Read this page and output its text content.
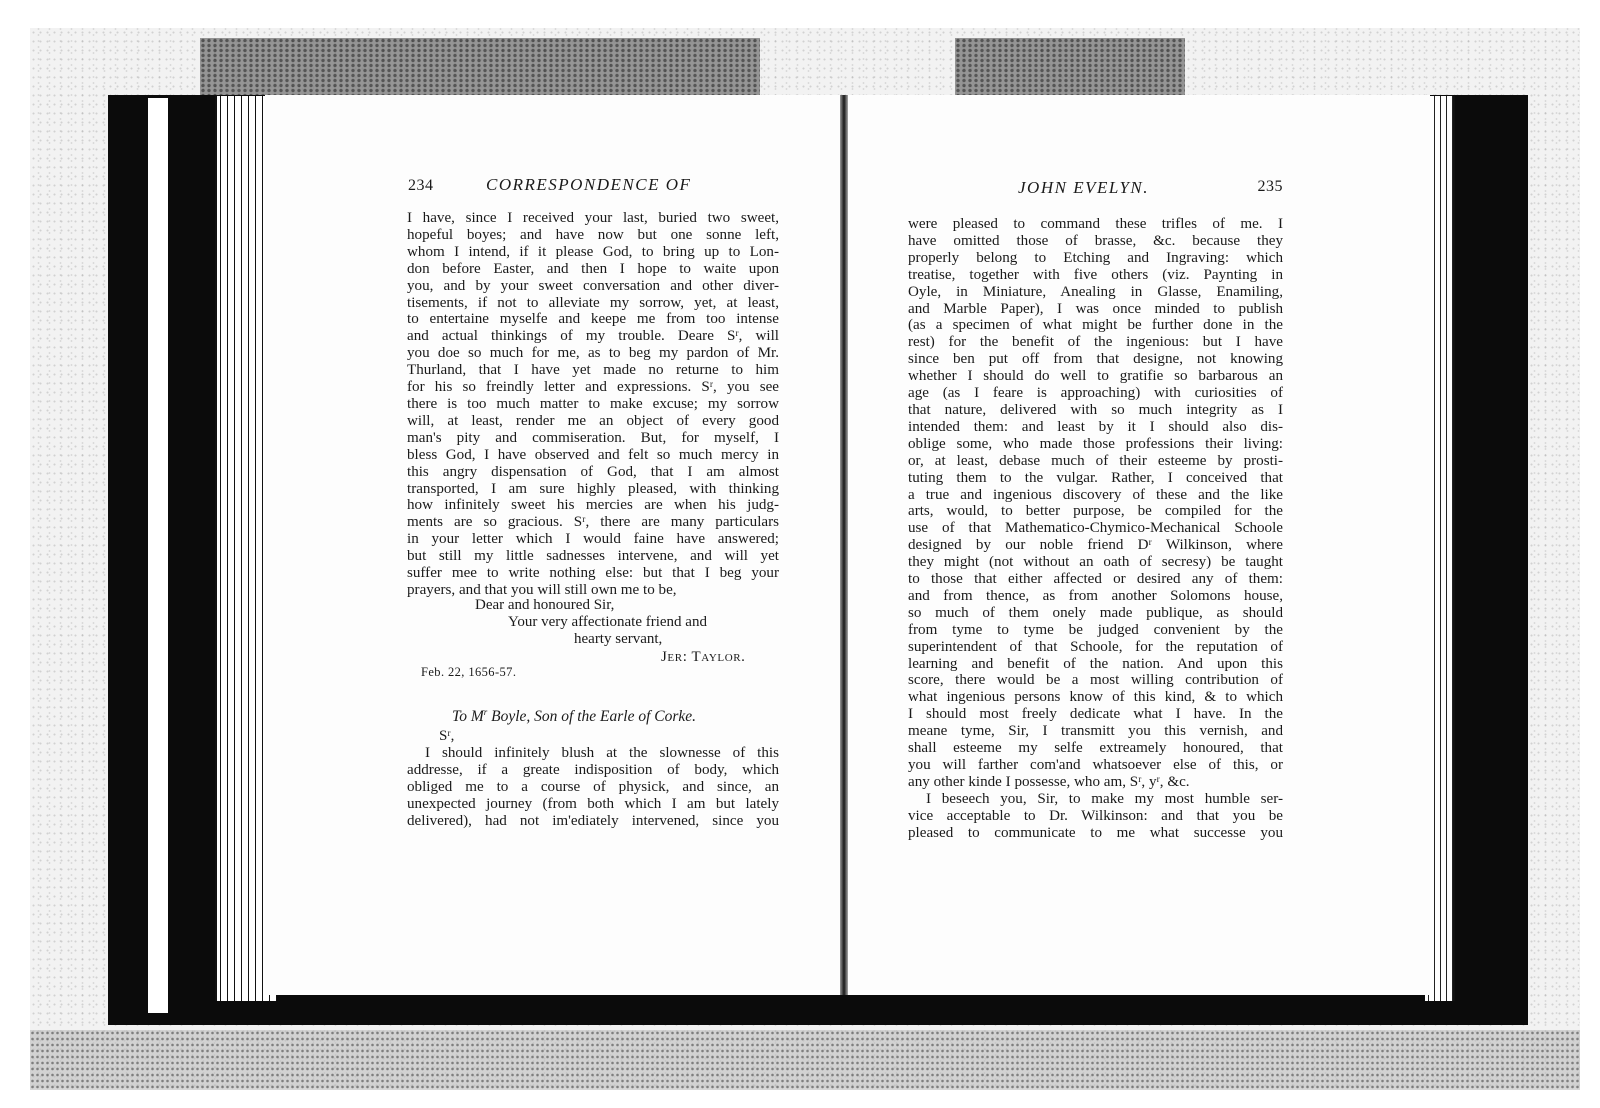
234	CORRESPONDENCE OF
I have, since I received your last, buried two sweet,
hopeful boyes; and have now but one sonne left,
whom I intend, if it please God, to bring up to Lon-
don before Easter, and then I hope to waite upon
you, and by your sweet conversation and other diver-
tisements, if not to alleviate my sorrow, yet, at least,
to entertaine myselfe and keepe me from too intense
and actual thinkings of my trouble. Deare Sʳ, will
you doe so much for me, as to beg my pardon of Mr.
Thurland, that I have yet made no returne to him
for his so freindly letter and expressions. Sʳ, you see
there is too much matter to make excuse; my sorrow
will, at least, render me an object of every good
man's pity and commiseration. But, for myself, I
bless God, I have observed and felt so much mercy in
this angry dispensation of God, that I am almost
transported, I am sure highly pleased, with thinking
how infinitely sweet his mercies are when his judg-
ments are so gracious. Sʳ, there are many particulars
in your letter which I would faine have answered;
but still my little sadnesses intervene, and will yet
suffer mee to write nothing else: but that I beg your
prayers, and that you will still own me to be,
Dear and honoured Sir,
Your very affectionate friend and
hearty servant,
Jer: Taylor.
Feb. 22, 1656-57.
To $M^r$ Boyle, Son of the Earle of Corke.
Sʳ,
I should infinitely blush at the slownesse of this
addresse, if a greate indisposition of body, which
obliged me to a course of physick, and since, an
unexpected journey (from both which I am but lately
delivered), had not im'ediately intervened, since you
JOHN EVELYN.	235
were pleased to command these trifles of me. I
have omitted those of brasse, &c. because they
properly belong to Etching and Ingraving: which
treatise, together with five others (viz. Paynting in
Oyle, in Miniature, Anealing in Glasse, Enamiling,
and Marble Paper), I was once minded to publish
(as a specimen of what might be further done in the
rest) for the benefit of the ingenious: but I have
since ben put off from that designe, not knowing
whether I should do well to gratifie so barbarous an
age (as I feare is approaching) with curiosities of
that nature, delivered with so much integrity as I
intended them: and least by it I should also dis-
oblige some, who made those professions their living:
or, at least, debase much of their esteeme by prosti-
tuting them to the vulgar. Rather, I conceived that
a true and ingenious discovery of these and the like
arts, would, to better purpose, be compiled for the
use of that Mathematico-Chymico-Mechanical Schoole
designed by our noble friend Dʳ Wilkinson, where
they might (not without an oath of secresy) be taught
to those that either affected or desired any of them:
and from thence, as from another Solomons house,
so much of them onely made publique, as should
from tyme to tyme be judged convenient by the
superintendent of that Schoole, for the reputation of
learning and benefit of the nation. And upon this
score, there would be a most willing contribution of
what ingenious persons know of this kind, & to which
I should most freely dedicate what I have. In the
meane tyme, Sir, I transmitt you this vernish, and
shall esteeme my selfe extreamely honoured, that
you will farther com'and whatsoever else of this, or
any other kinde I possesse, who am, Sʳ, yʳ, &c.
I beseech you, Sir, to make my most humble ser-
vice acceptable to Dr. Wilkinson: and that you be
pleased to communicate to me what successe you
